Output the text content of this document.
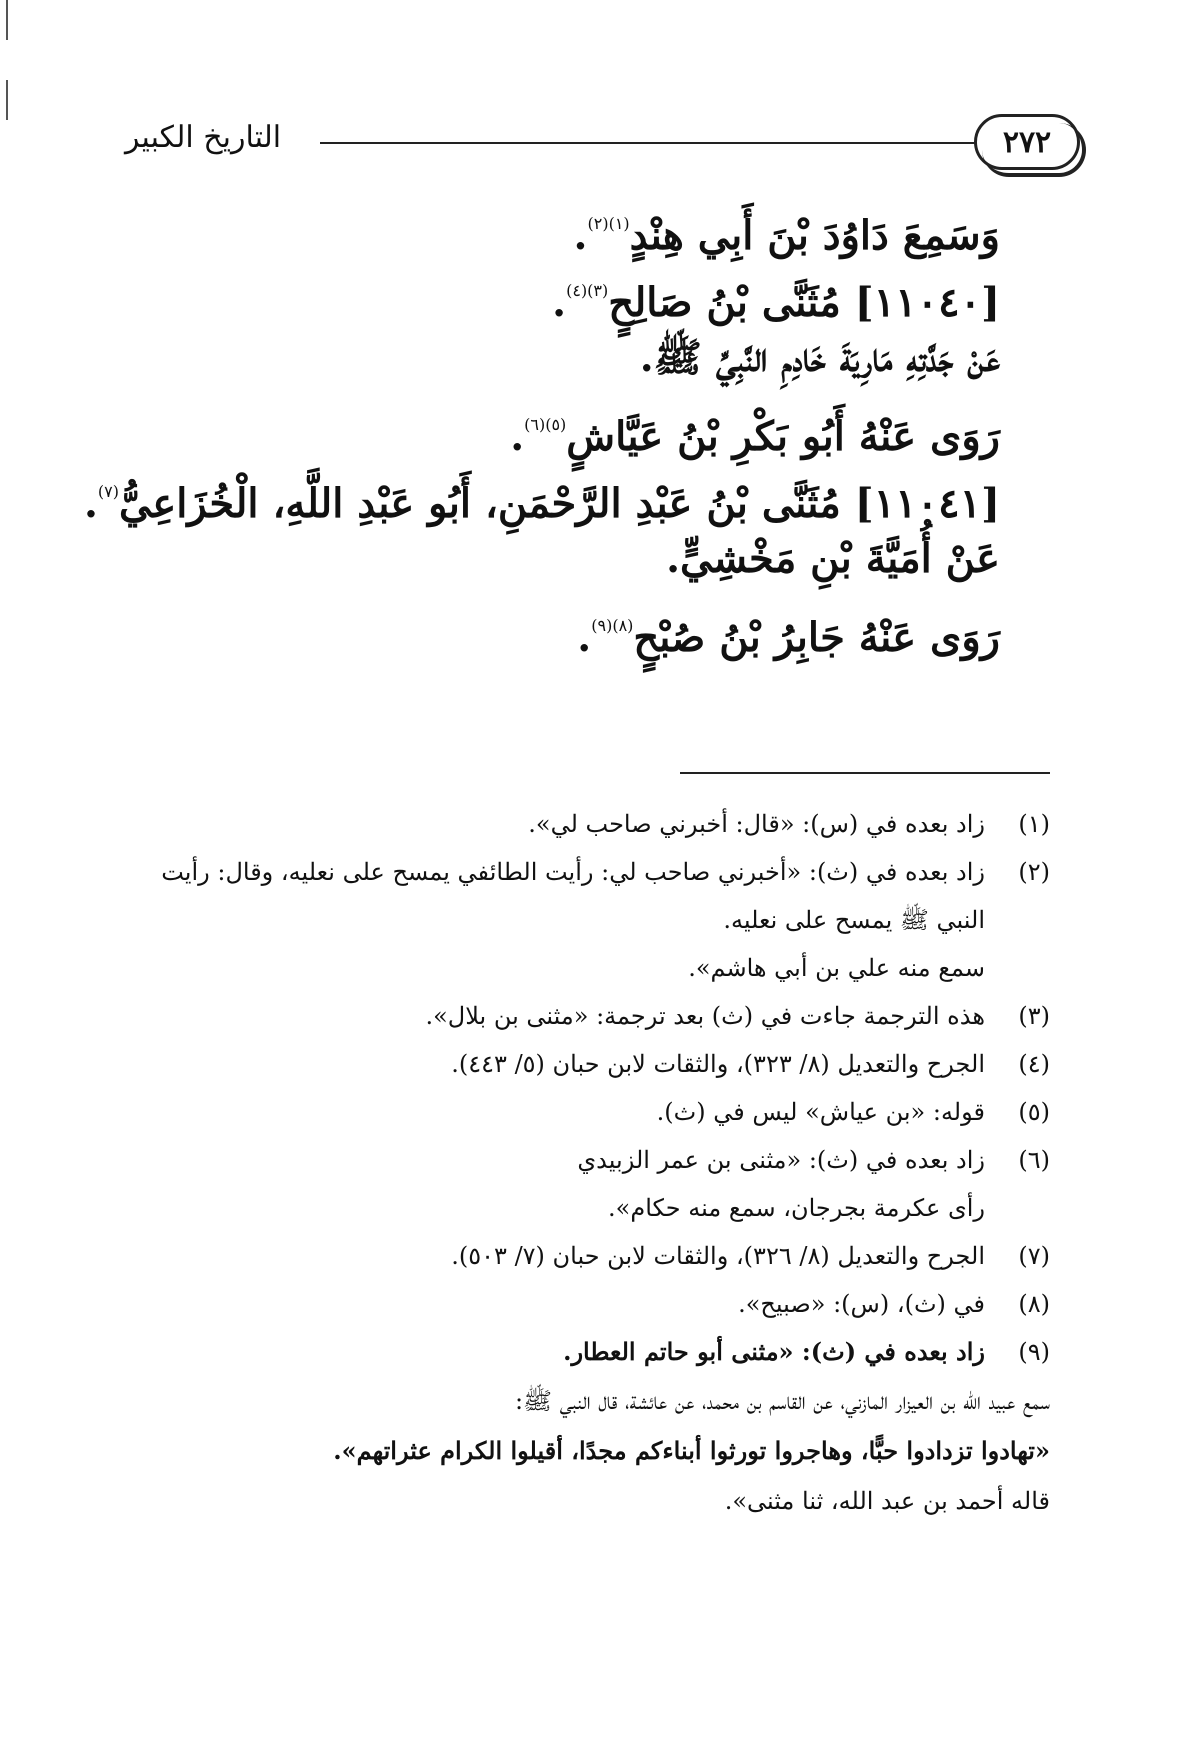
التاريخ الكبير	٢٧٢
وَسَمِعَ دَاوُدَ بْنَ أَبِي هِنْدٍ$^{(١)(٢)}$.
[١١٠٤٠] مُثَنَّى بْنُ صَالِحٍ$^{(٣)(٤)}$.
عَنْ جَدَّتِهِ مَارِيَةَ خَادِمِ النَّبِيِّ ﷺ.
رَوَى عَنْهُ أَبُو بَكْرِ بْنُ عَيَّاشٍ$^{(٥)(٦)}$.
[١١٠٤١] مُثَنَّى بْنُ عَبْدِ الرَّحْمَنِ، أَبُو عَبْدِ اللَّهِ، الْخُزَاعِيُّ$^{(٧)}$.
عَنْ أُمَيَّةَ بْنِ مَخْشِيٍّ.
رَوَى عَنْهُ جَابِرُ بْنُ صُبْحٍ$^{(٨)(٩)}$.
(١)
زاد بعده في (س): «قال: أخبرني صاحب لي».
(٢)
زاد بعده في (ث): «أخبرني صاحب لي: رأيت الطائفي يمسح على نعليه، وقال: رأيت
النبي ﷺ يمسح على نعليه.
سمع منه علي بن أبي هاشم».
(٣)
هذه الترجمة جاءت في (ث) بعد ترجمة: «مثنى بن بلال».
(٤)
الجرح والتعديل (٨/ ٣٢٣)، والثقات لابن حبان (٥/ ٤٤٣).
(٥)
قوله: «بن عياش» ليس في (ث).
(٦)
زاد بعده في (ث): «مثنى بن عمر الزبيدي
رأى عكرمة بجرجان، سمع منه حكام».
(٧)
الجرح والتعديل (٨/ ٣٢٦)، والثقات لابن حبان (٧/ ٥٠٣).
(٨)
في (ث)، (س): «صبيح».
(٩)
زاد بعده في (ث): «مثنى أبو حاتم العطار.
سمع عبيد الله بن العيزار المازني، عن القاسم بن محمد، عن عائشة، قال النبي ﷺ:
«تهادوا تزدادوا حبًّا، وهاجروا تورثوا أبناءكم مجدًا، أقيلوا الكرام عثراتهم».
قاله أحمد بن عبد الله، ثنا مثنى».
